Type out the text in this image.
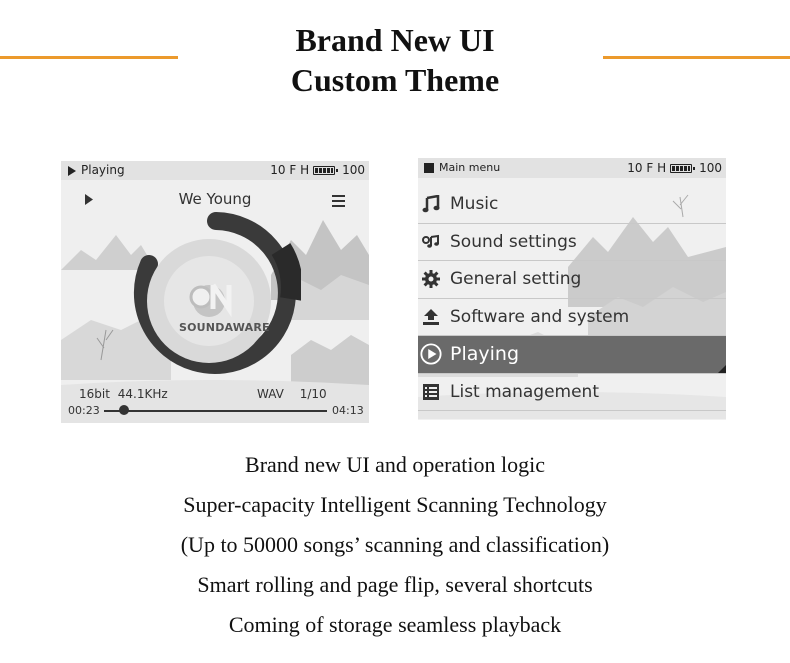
Brand New UI
Custom Theme
Playing	10 F H	100
We Young
SOUNDAWARE
16bit 44.1KHz	WAV 1/10
00:23	04:13
Main menu	10 F H	100
Music
Sound settings
General setting
Software and system
Playing
List management
Brand new UI and operation logic
Super-capacity Intelligent Scanning Technology
(Up to 50000 songs’ scanning and classification)
Smart rolling and page flip, several shortcuts
Coming of storage seamless playback
